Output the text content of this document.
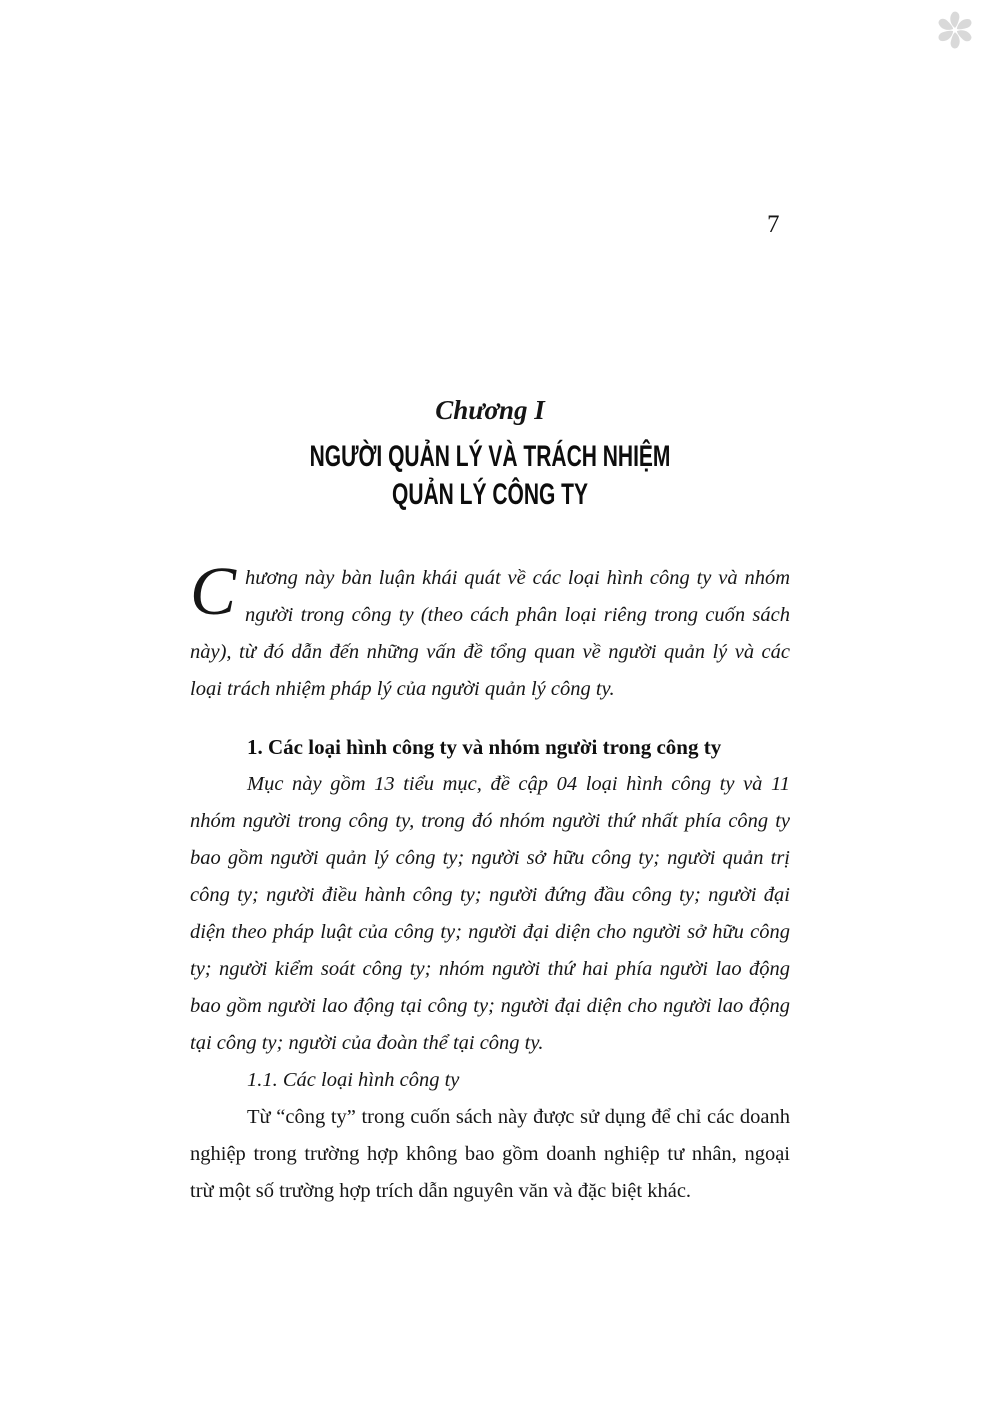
7
Chương I
NGƯỜI QUẢN LÝ VÀ TRÁCH NHIỆM
QUẢN LÝ CÔNG TY

Chương này bàn luận khái quát về các loại hình công ty và nhóm người trong công ty (theo cách phân loại riêng trong cuốn sách này), từ đó dẫn đến những vấn đề tổng quan về người quản lý và các loại trách nhiệm pháp lý của người quản lý công ty.

1. Các loại hình công ty và nhóm người trong công ty

Mục này gồm 13 tiểu mục, đề cập 04 loại hình công ty và 11 nhóm người trong công ty, trong đó nhóm người thứ nhất phía công ty bao gồm người quản lý công ty; người sở hữu công ty; người quản trị công ty; người điều hành công ty; người đứng đầu công ty; người đại diện theo pháp luật của công ty; người đại diện cho người sở hữu công ty; người kiểm soát công ty; nhóm người thứ hai phía người lao động bao gồm người lao động tại công ty; người đại diện cho người lao động tại công ty; người của đoàn thể tại công ty.

1.1. Các loại hình công ty

Từ “công ty” trong cuốn sách này được sử dụng để chỉ các doanh nghiệp trong trường hợp không bao gồm doanh nghiệp tư nhân, ngoại trừ một số trường hợp trích dẫn nguyên văn và đặc biệt khác.
